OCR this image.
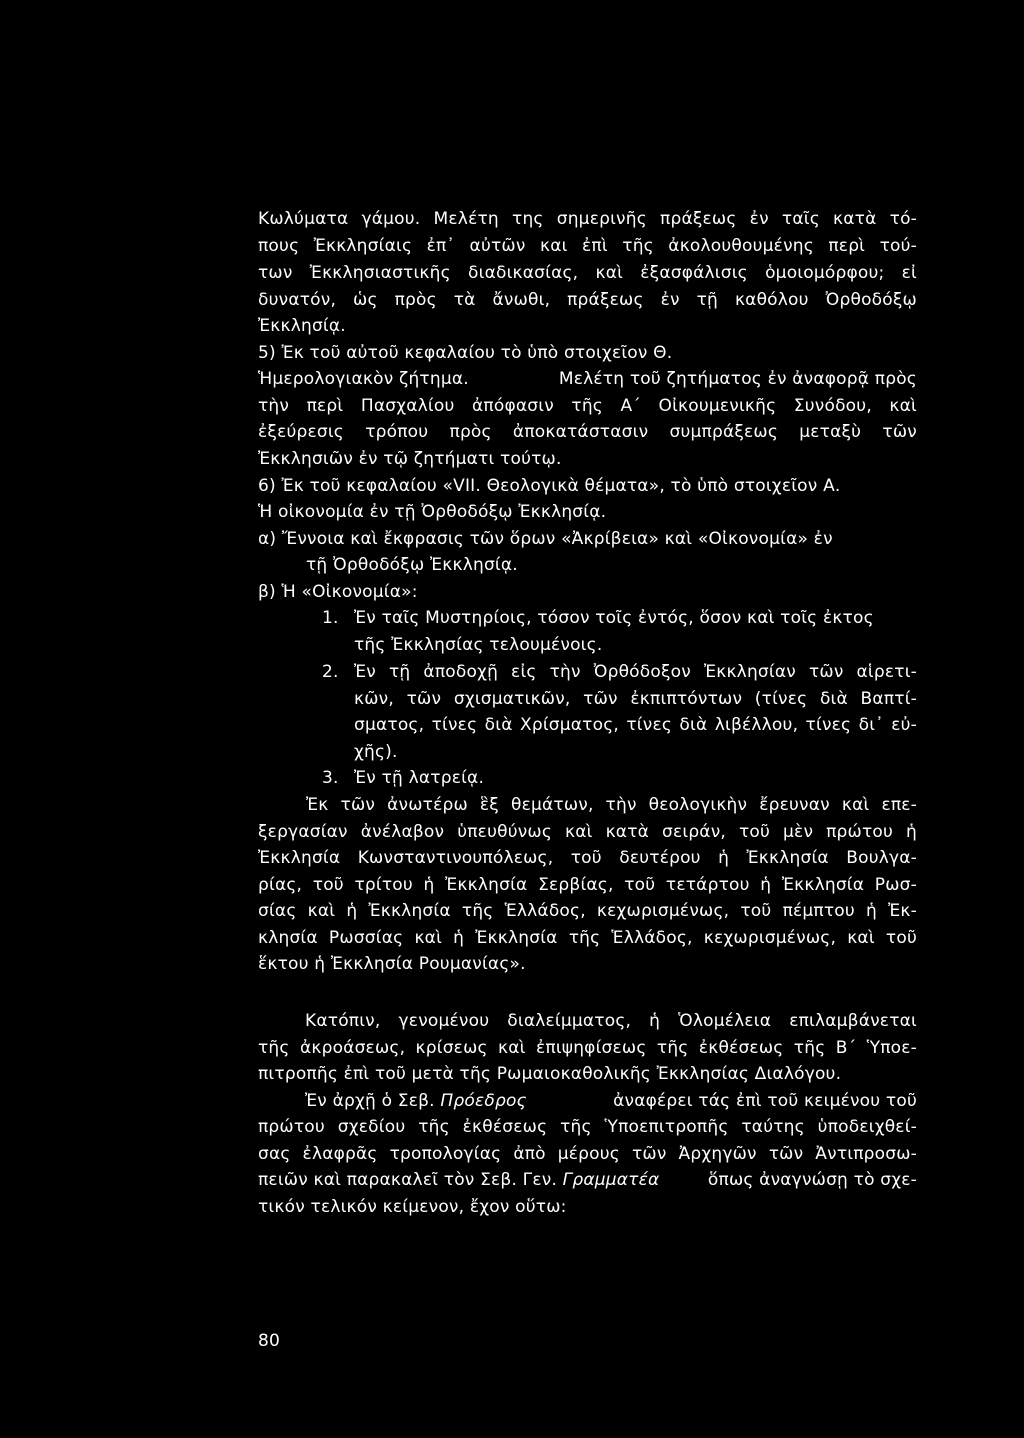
Κωλύματα γάμου. Μελέτη της σημερινῆς πράξεως ἐν ταῖς κατὰ τό-
πους Ἐκκλησίαις ἐπ᾽ αὐτῶν και ἐπὶ τῆς ἀκολουθουμένης περὶ τού-
των Ἐκκλησιαστικῆς διαδικασίας, καὶ ἐξασφάλισις ὁμοιομόρφου; εἰ
δυνατόν, ὡς πρὸς τὰ ἄνωθι, πράξεως ἐν τῇ καθόλου Ὀρθοδόξῳ
Ἐκκλησίᾳ.
5) Ἐκ τοῦ αὐτοῦ κεφαλαίου τὸ ὑπὸ στοιχεῖον Θ.
Ἡμερολογιακὸν ζήτημα.	Μελέτη τοῦ ζητήματος ἐν ἀναφορᾷ πρὸς
τὴν περὶ Πασχαλίου ἀπόφασιν τῆς Α´ Οἰκουμενικῆς Συνόδου, καὶ
ἐξεύρεσις τρόπου πρὸς ἀποκατάστασιν συμπράξεως μεταξὺ τῶν
Ἐκκλησιῶν ἐν τῷ ζητήματι τούτῳ.
6) Ἐκ τοῦ κεφαλαίου «VII. Θεολογικὰ θέματα», τὸ ὑπὸ στοιχεῖον Α.
Ἡ οἰκονομία ἐν τῇ Ὀρθοδόξῳ Ἐκκλησίᾳ.
α) Ἔννοια καὶ ἔκφρασις τῶν ὅρων «Ἀκρίβεια» καὶ «Οἰκονομία» ἐν
τῇ Ὀρθοδόξῳ Ἐκκλησίᾳ.
β) Ἡ «Οἰκονομία»:
1. Ἐν ταῖς Μυστηρίοις, τόσον τοῖς ἐντός, ὅσον καὶ τοῖς ἐκτος
τῆς Ἐκκλησίας τελουμένοις.
2. Ἐν τῇ ἀποδοχῇ εἰς τὴν Ὀρθόδοξον Ἐκκλησίαν τῶν αἱρετι-
κῶν, τῶν σχισματικῶν, τῶν ἐκπιπτόντων (τίνες διὰ Βαπτί-
σματος, τίνες διὰ Χρίσματος, τίνες διὰ λιβέλλου, τίνες δι᾽ εὐ-
χῆς).
3. Ἐν τῇ λατρείᾳ.
Ἐκ τῶν ἀνωτέρω ἓξ θεμάτων, τὴν θεολογικὴν ἔρευναν καὶ επε-
ξεργασίαν ἀνέλαβον ὑπευθύνως καὶ κατὰ σειράν, τοῦ μὲν πρώτου ἡ
Ἐκκλησία Κωνσταντινουπόλεως, τοῦ δευτέρου ἡ Ἐκκλησία Βουλγα-
ρίας, τοῦ τρίτου ἡ Ἐκκλησία Σερβίας, τοῦ τετάρτου ἡ Ἐκκλησία Ρωσ-
σίας καὶ ἡ Ἐκκλησία τῆς Ἑλλάδος, κεχωρισμένως, τοῦ πέμπτου ἡ Ἐκ-
κλησία Ρωσσίας καὶ ἡ Ἐκκλησία τῆς Ἑλλάδος, κεχωρισμένως, καὶ τοῦ
ἕκτου ἡ Ἐκκλησία Ρουμανίας».
Κατόπιν, γενομένου διαλείμματος, ἡ Ὁλομέλεια επιλαμβάνεται
τῆς ἀκροάσεως, κρίσεως καὶ ἐπιψηφίσεως τῆς ἐκθέσεως τῆς Β´ Ὑποε-
πιτροπῆς ἐπὶ τοῦ μετὰ τῆς Ρωμαιοκαθολικῆς Ἐκκλησίας Διαλόγου.
Ἐν ἀρχῇ ὁ Σεβ. Πρόεδρος	ἀναφέρει τάς ἐπὶ τοῦ κειμένου τοῦ
πρώτου σχεδίου τῆς ἐκθέσεως τῆς Ὑποεπιτροπῆς ταύτης ὑποδειχθεί-
σας ἐλαφρᾶς τροπολογίας ἀπὸ μέρους τῶν Ἀρχηγῶν τῶν Ἀντιπροσω-
πειῶν καὶ παρακαλεῖ τὸν Σεβ. Γεν. Γραμματέα	ὅπως ἀναγνώσῃ τὸ σχε-
τικόν τελικόν κείμενον, ἔχον οὕτω:
80
